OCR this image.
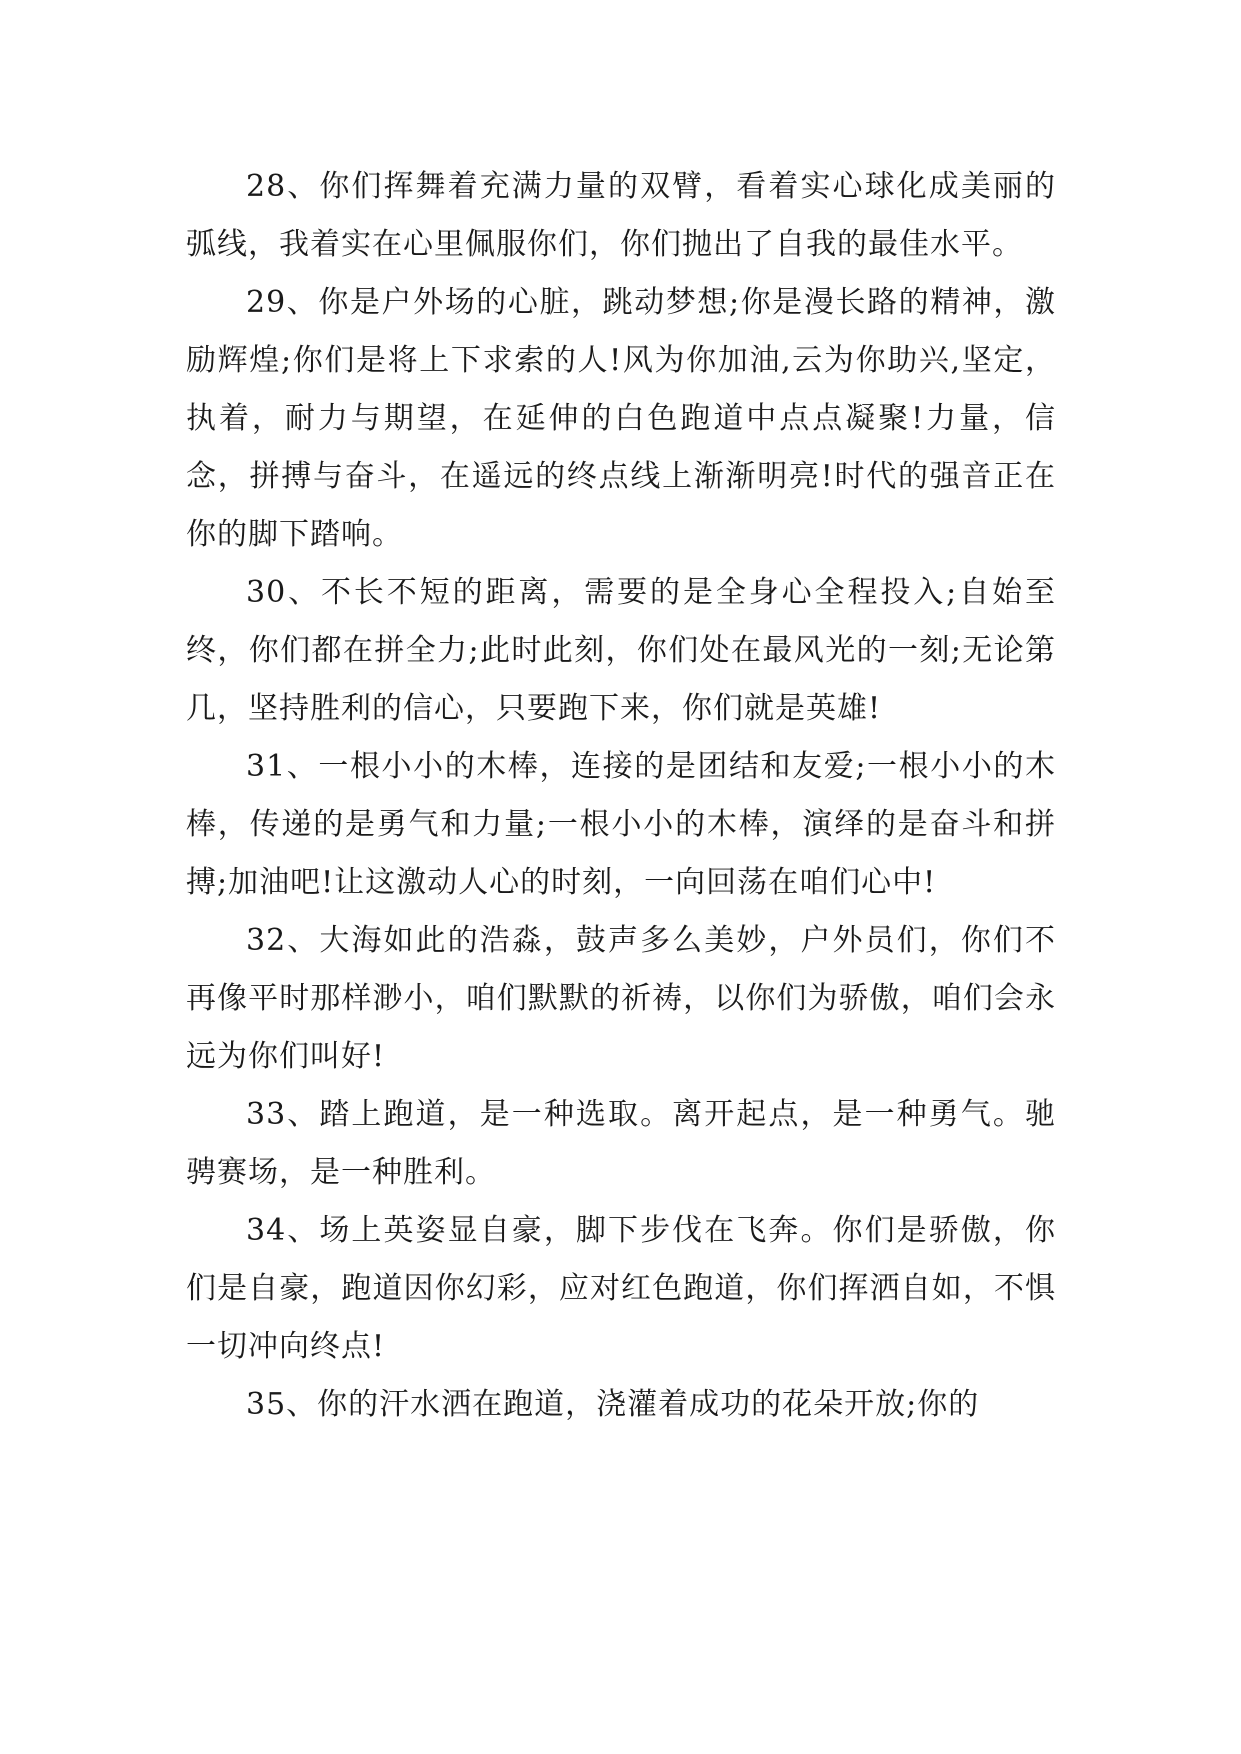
28、你们挥舞着充满力量的双臂，看着实心球化成美丽的弧线，我着实在心里佩服你们，你们抛出了自我的最佳水平。

29、你是户外场的心脏，跳动梦想;你是漫长路的精神，激励辉煌;你们是将上下求索的人!风为你加油,云为你助兴,坚定，执着，耐力与期望，在延伸的白色跑道中点点凝聚!力量，信念，拼搏与奋斗，在遥远的终点线上渐渐明亮!时代的强音正在你的脚下踏响。

30、不长不短的距离，需要的是全身心全程投入;自始至终，你们都在拼全力;此时此刻，你们处在最风光的一刻;无论第几，坚持胜利的信心，只要跑下来，你们就是英雄!

31、一根小小的木棒，连接的是团结和友爱;一根小小的木棒，传递的是勇气和力量;一根小小的木棒，演绎的是奋斗和拼搏;加油吧!让这激动人心的时刻，一向回荡在咱们心中!

32、大海如此的浩淼，鼓声多么美妙，户外员们，你们不再像平时那样渺小，咱们默默的祈祷，以你们为骄傲，咱们会永远为你们叫好!

33、踏上跑道，是一种选取。离开起点，是一种勇气。驰骋赛场，是一种胜利。

34、场上英姿显自豪，脚下步伐在飞奔。你们是骄傲，你们是自豪，跑道因你幻彩，应对红色跑道，你们挥洒自如，不惧一切冲向终点!

35、你的汗水洒在跑道，浇灌着成功的花朵开放;你的
